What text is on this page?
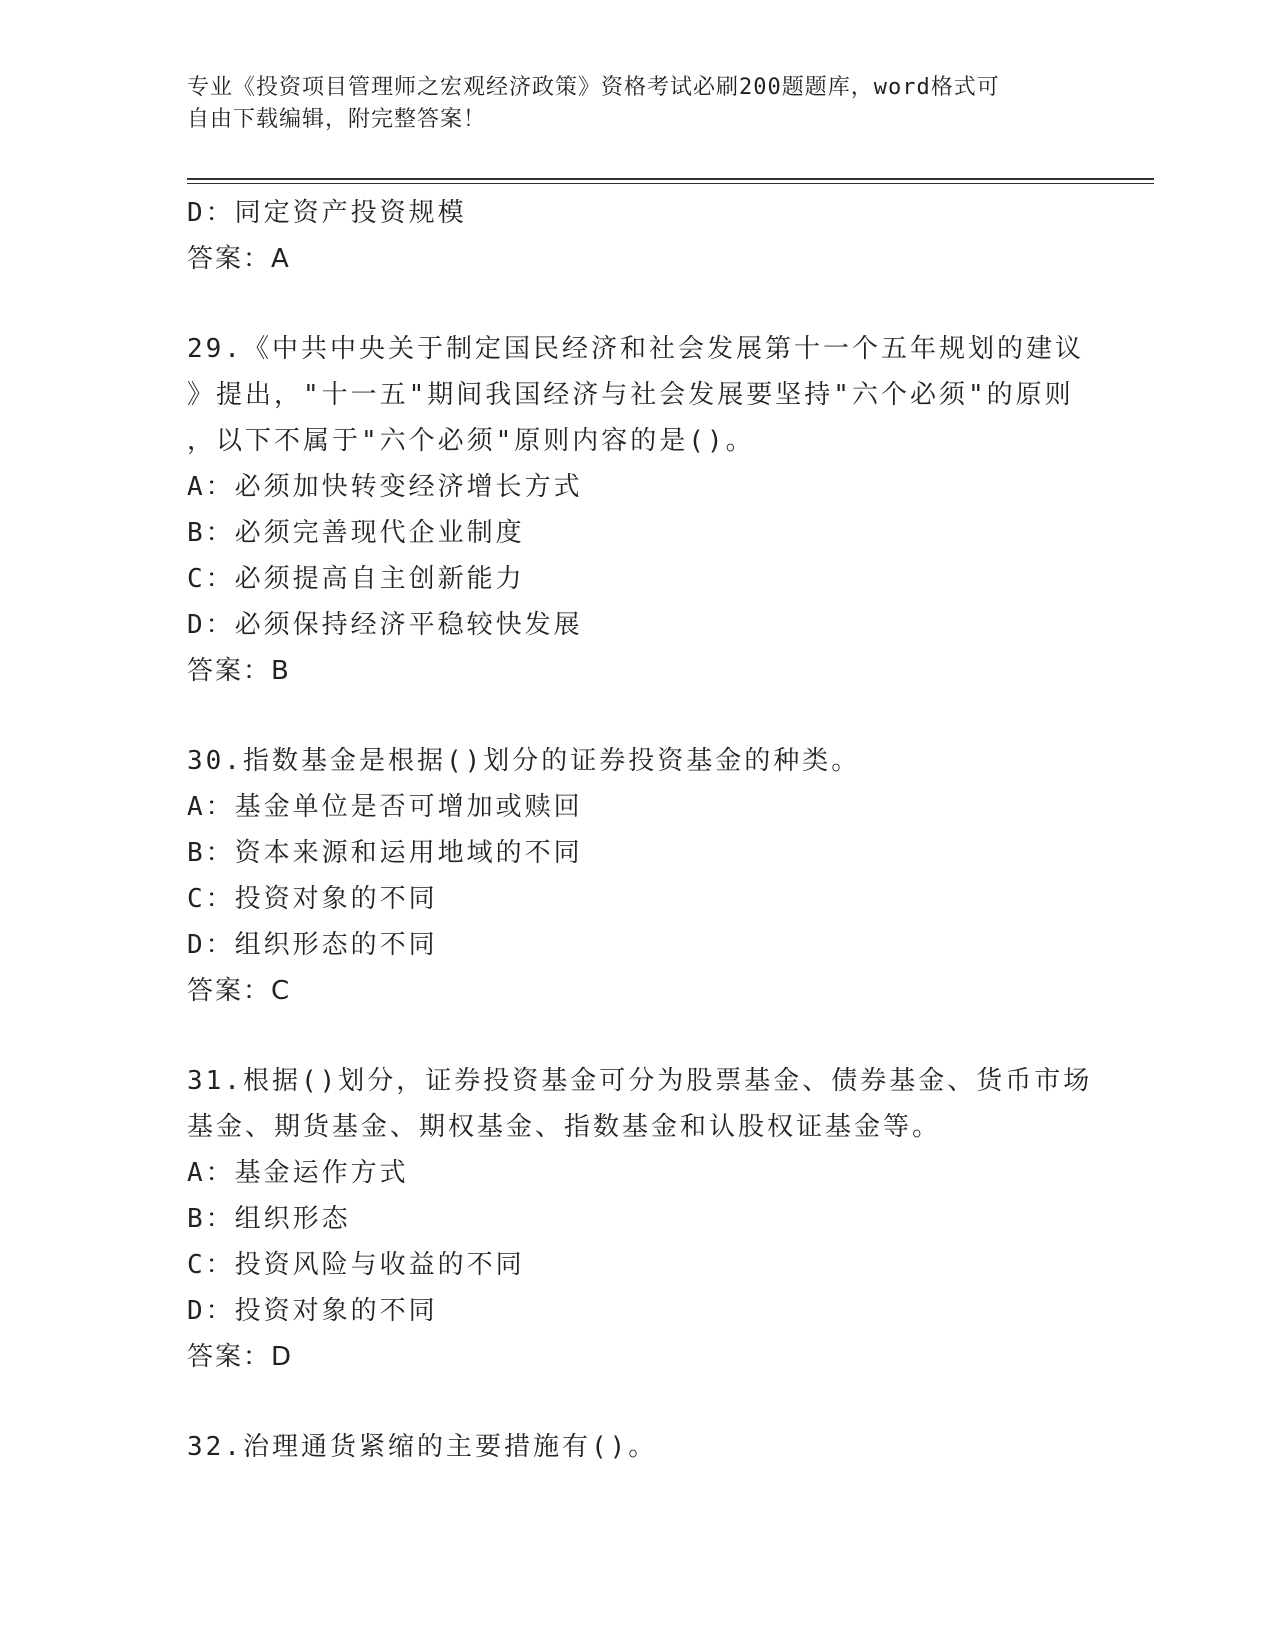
专业《投资项目管理师之宏观经济政策》资格考试必刷200题题库，word格式可
自由下载编辑，附完整答案！
D：同定资产投资规模
答案：A
29.《中共中央关于制定国民经济和社会发展第十一个五年规划的建议
》提出，"十一五"期间我国经济与社会发展要坚持"六个必须"的原则
，以下不属于"六个必须"原则内容的是()。
A：必须加快转变经济增长方式
B：必须完善现代企业制度
C：必须提高自主创新能力
D：必须保持经济平稳较快发展
答案：B
30.指数基金是根据()划分的证券投资基金的种类。
A：基金单位是否可增加或赎回
B：资本来源和运用地域的不同
C：投资对象的不同
D：组织形态的不同
答案：C
31.根据()划分，证券投资基金可分为股票基金、债券基金、货币市场
基金、期货基金、期权基金、指数基金和认股权证基金等。
A：基金运作方式
B：组织形态
C：投资风险与收益的不同
D：投资对象的不同
答案：D
32.治理通货紧缩的主要措施有()。
